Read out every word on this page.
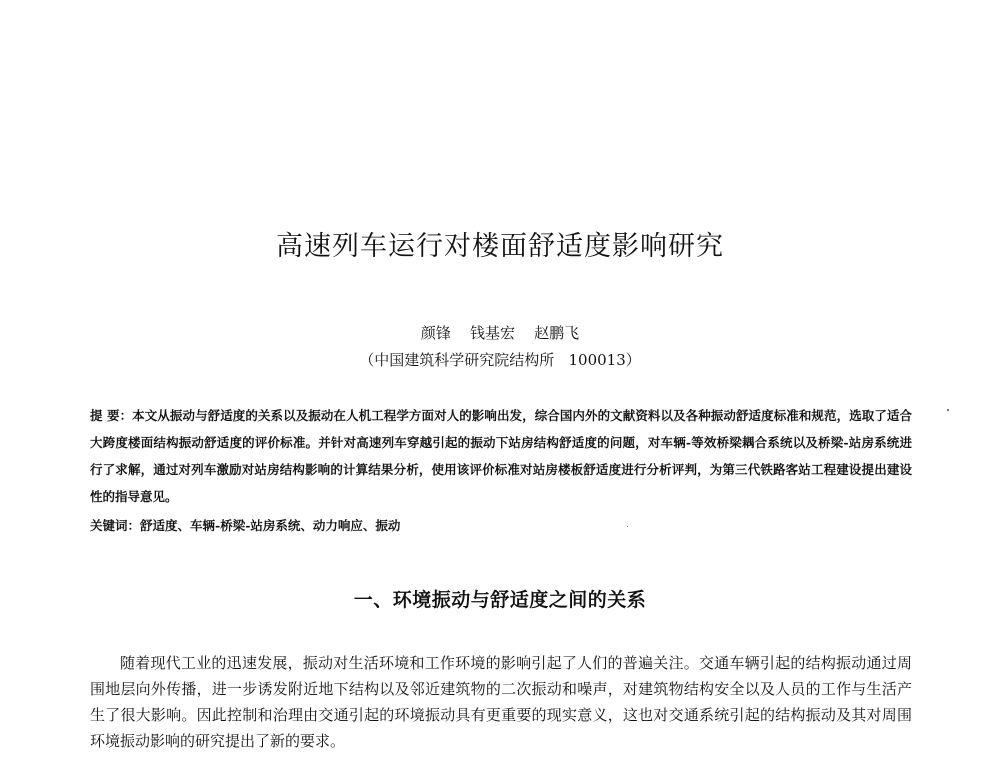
高速列车运行对楼面舒适度影响研究
颜锋    钱基宏    赵鹏飞
（中国建筑科学研究院结构所   100013）
提 要：本文从振动与舒适度的关系以及振动在人机工程学方面对人的影响出发，综合国内外的文献资料以及各种振动舒适度标准和规范，选取了适合大跨度楼面结构振动舒适度的评价标准。并针对高速列车穿越引起的振动下站房结构舒适度的问题，对车辆-等效桥梁耦合系统以及桥梁-站房系统进行了求解，通过对列车激励对站房结构影响的计算结果分析，使用该评价标准对站房楼板舒适度进行分析评判，为第三代铁路客站工程建设提出建设性的指导意见。
关键词：舒适度、车辆-桥梁-站房系统、动力响应、振动
一、环境振动与舒适度之间的关系
随着现代工业的迅速发展，振动对生活环境和工作环境的影响引起了人们的普遍关注。交通车辆引起的结构振动通过周围地层向外传播，进一步诱发附近地下结构以及邻近建筑物的二次振动和噪声，对建筑物结构安全以及人员的工作与生活产生了很大影响。因此控制和治理由交通引起的环境振动具有更重要的现实意义，这也对交通系统引起的结构振动及其对周围环境振动影响的研究提出了新的要求。
